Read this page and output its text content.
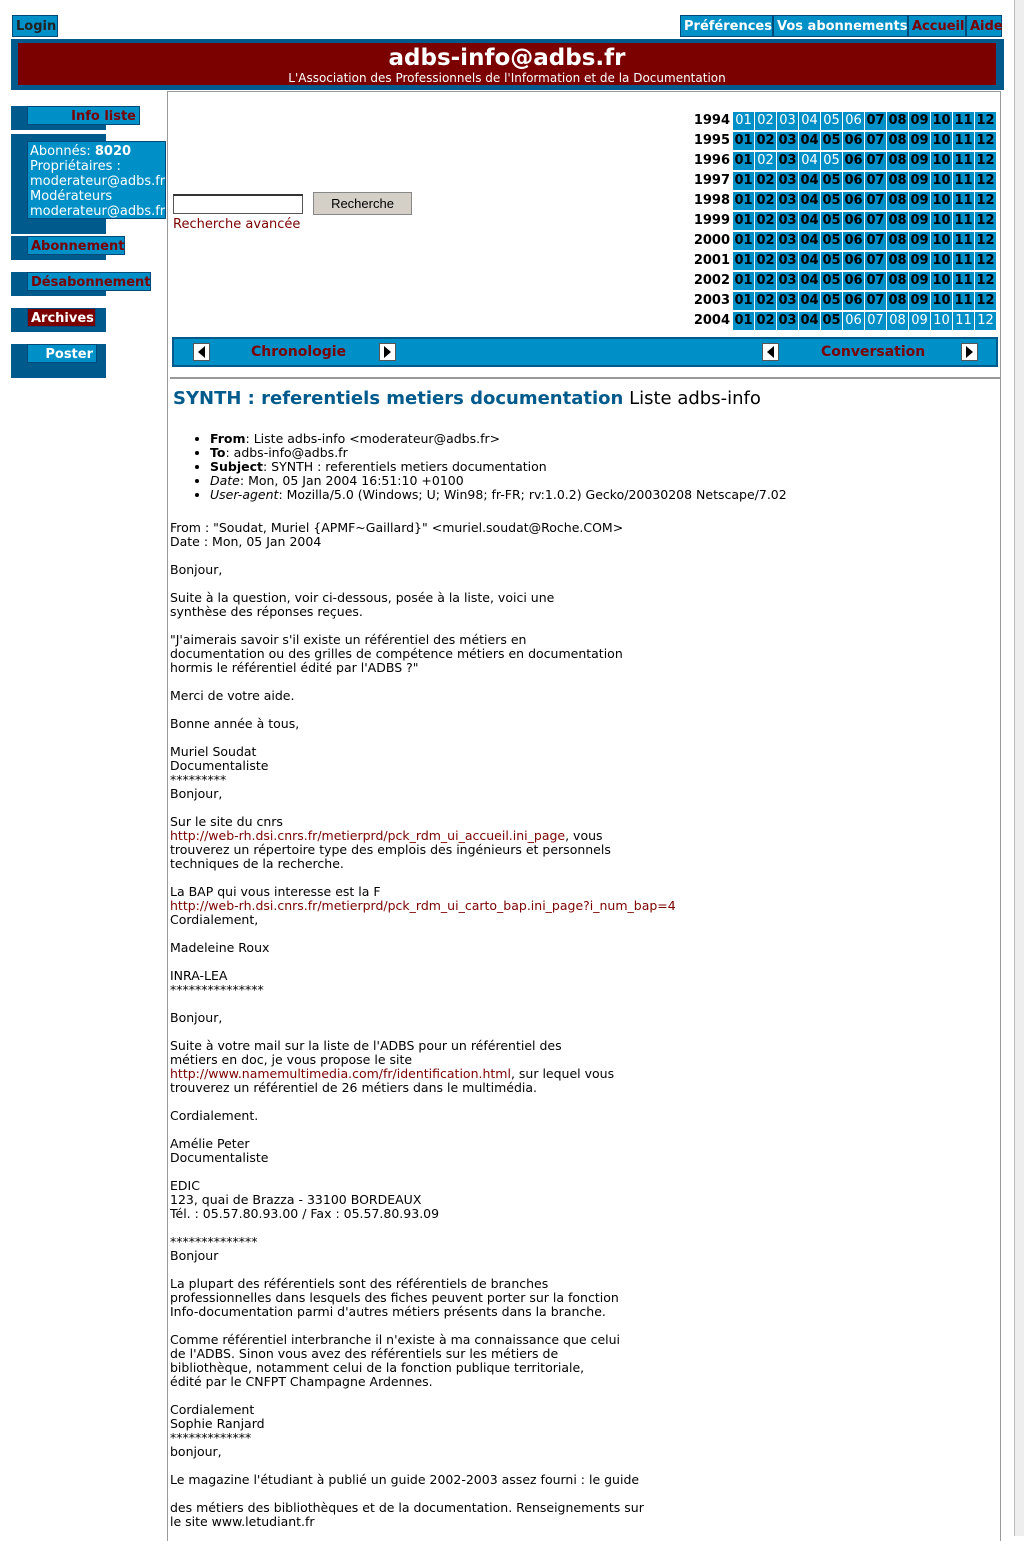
Login	Préférences Vos abonnements Accueil Aide
adbs-info@adbs.fr
L'Association des Professionnels de l'Information et de la Documentation
Info liste
Abonnés: 8020
Propriétaires :
moderateur@adbs.fr
Modérateurs
moderateur@adbs.fr
Abonnement
Désabonnement
Archives
Poster
Recherche
Recherche avancée
1994 01 02 03 04 05 06 07 08 09 10 11 12
1995 01 02 03 04 05 06 07 08 09 10 11 12
1996 01 02 03 04 05 06 07 08 09 10 11 12
1997 01 02 03 04 05 06 07 08 09 10 11 12
1998 01 02 03 04 05 06 07 08 09 10 11 12
1999 01 02 03 04 05 06 07 08 09 10 11 12
2000 01 02 03 04 05 06 07 08 09 10 11 12
2001 01 02 03 04 05 06 07 08 09 10 11 12
2002 01 02 03 04 05 06 07 08 09 10 11 12
2003 01 02 03 04 05 06 07 08 09 10 11 12
2004 01 02 03 04 05 06 07 08 09 10 11 12
Chronologie	Conversation
SYNTH : referentiels metiers documentation Liste adbs-info
• From: Liste adbs-info <moderateur@adbs.fr>
• To: adbs-info@adbs.fr
• Subject: SYNTH : referentiels metiers documentation
• Date: Mon, 05 Jan 2004 16:51:10 +0100
• User-agent: Mozilla/5.0 (Windows; U; Win98; fr-FR; rv:1.0.2) Gecko/20030208 Netscape/7.02
From : "Soudat, Muriel {APMF~Gaillard}" <muriel.soudat@Roche.COM>
Date : Mon, 05 Jan 2004

Bonjour,

Suite à la question, voir ci-dessous, posée à la liste, voici une
synthèse des réponses reçues.

"J'aimerais savoir s'il existe un référentiel des métiers en
documentation ou des grilles de compétence métiers en documentation
hormis le référentiel édité par l'ADBS ?"

Merci de votre aide.

Bonne année à tous,

Muriel Soudat
Documentaliste
*********
Bonjour,

Sur le site du cnrs
http://web-rh.dsi.cnrs.fr/metierprd/pck_rdm_ui_accueil.ini_page, vous
trouverez un répertoire type des emplois des ingénieurs et personnels
techniques de la recherche.

La BAP qui vous interesse est la F
http://web-rh.dsi.cnrs.fr/metierprd/pck_rdm_ui_carto_bap.ini_page?i_num_bap=4
Cordialement,

Madeleine Roux

INRA-LEA
***************

Bonjour,

Suite à votre mail sur la liste de l'ADBS pour un référentiel des
métiers en doc, je vous propose le site
http://www.namemultimedia.com/fr/identification.html, sur lequel vous
trouverez un référentiel de 26 métiers dans le multimédia.

Cordialement.

Amélie Peter
Documentaliste

EDIC
123, quai de Brazza - 33100 BORDEAUX
Tél. : 05.57.80.93.00 / Fax : 05.57.80.93.09

**************
Bonjour

La plupart des référentiels sont des référentiels de branches
professionnelles dans lesquels des fiches peuvent porter sur la fonction
Info-documentation parmi d'autres métiers présents dans la branche.

Comme référentiel interbranche il n'existe à ma connaissance que celui
de l'ADBS. Sinon vous avez des référentiels sur les métiers de
bibliothèque, notamment celui de la fonction publique territoriale,
édité par le CNFPT Champagne Ardennes.

Cordialement
Sophie Ranjard
*************
bonjour,

Le magazine l'étudiant à publié un guide 2002-2003 assez fourni : le guide

des métiers des bibliothèques et de la documentation. Renseignements sur
le site www.letudiant.fr
